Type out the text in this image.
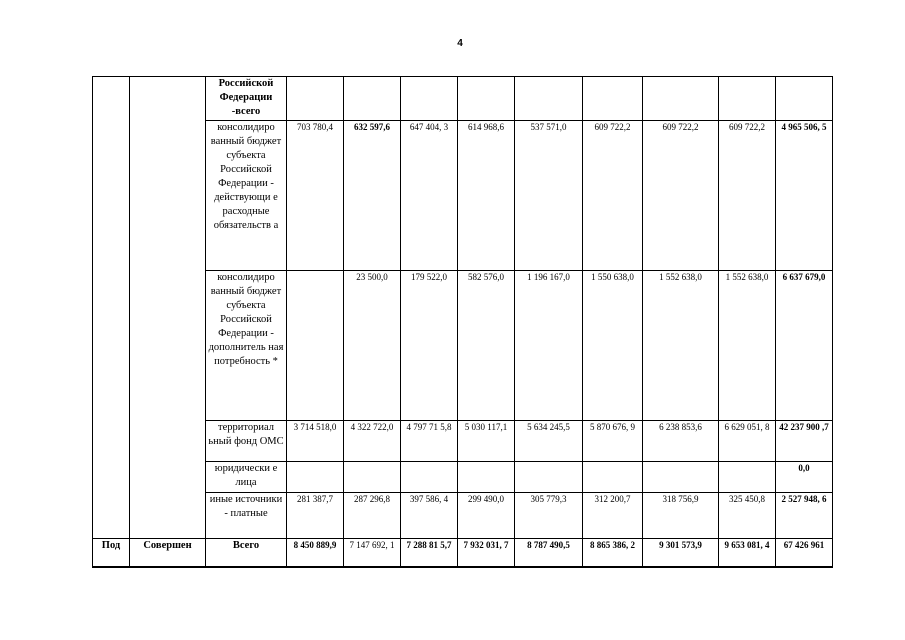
4
		Российской Федерации -всего									
		консолидиро ванный бюджет субъекта Российской Федерации - действующи е расходные обязательств а	703 780,4	632 597,6	647 404, 3	614 968,6	537 571,0	609 722,2	609 722,2	609 722,2	4 965 506, 5
		консолидиро ванный бюджет субъекта Российской Федерации - дополнитель ная потребность *		23 500,0	179 522,0	582 576,0	1 196 167,0	1 550 638,0	1 552 638,0	1 552 638,0	6 637 679,0
		территориал ьный фонд ОМС	3 714 518,0	4 322 722,0	4 797 71 5,8	5 030 117,1	5 634 245,5	5 870 676, 9	6 238 853,6	6 629 051, 8	42 237 900 ,7
		юридически е лица									0,0
		иные источники - платные	281 387,7	287 296,8	397 586, 4	299 490,0	305 779,3	312 200,7	318 756,9	325 450,8	2 527 948, 6
Под	Совершен	Всего	8 450 889,9	7 147 692, 1	7 288 81 5,7	7 932 031, 7	8 787 490,5	8 865 386, 2	9 301 573,9	9 653 081, 4	67 426 961
